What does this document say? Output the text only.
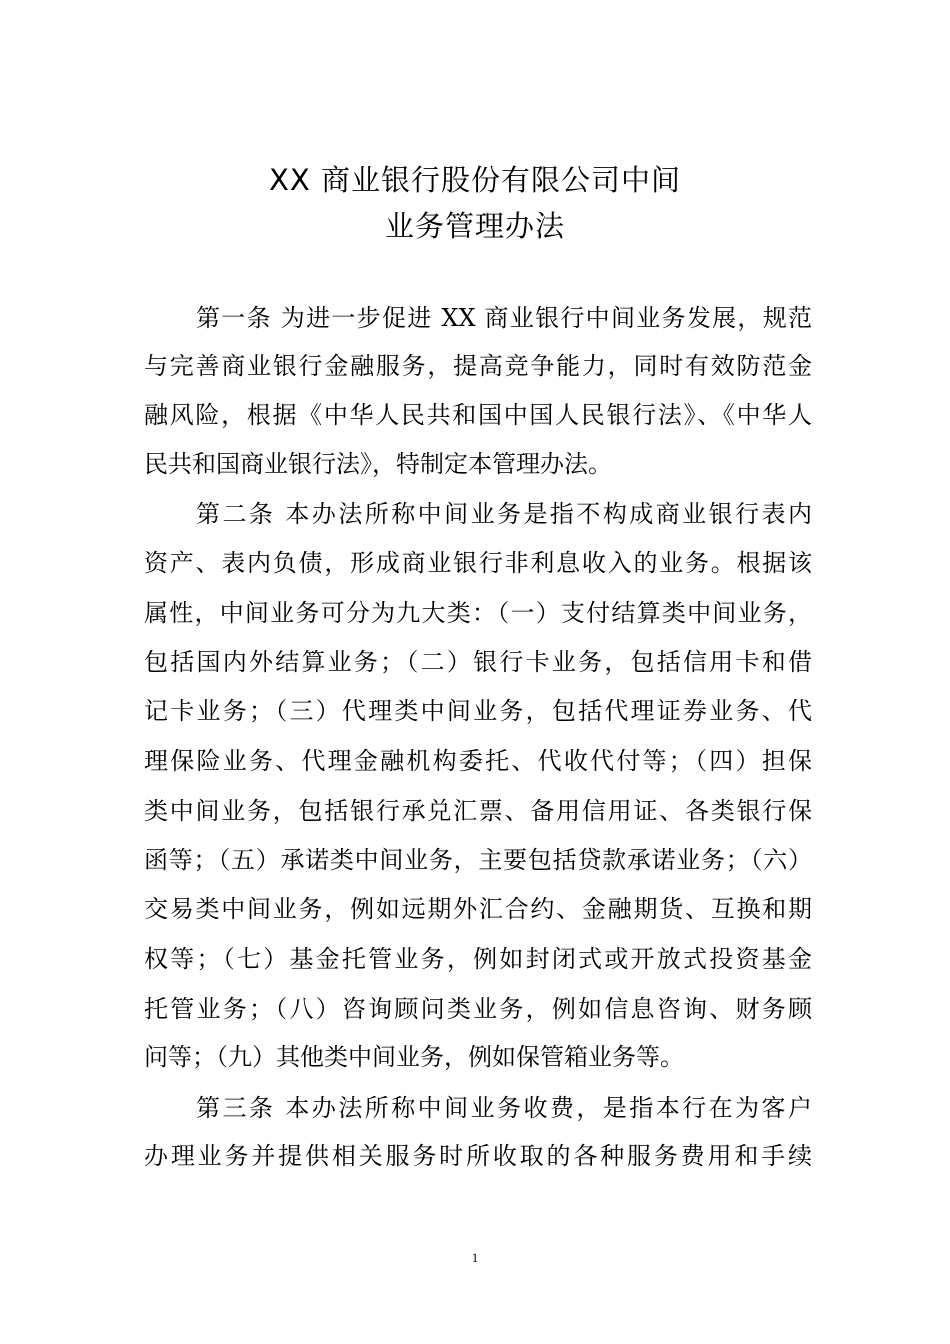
XX 商业银行股份有限公司中间
业务管理办法
第一条 为进一步促进 XX 商业银行中间业务发展，规范
与完善商业银行金融服务，提高竞争能力，同时有效防范金
融风险，根据《中华人民共和国中国人民银行法》、《中华人
民共和国商业银行法》，特制定本管理办法。
第二条 本办法所称中间业务是指不构成商业银行表内
资产、表内负债，形成商业银行非利息收入的业务。根据该
属性，中间业务可分为九大类：（一）支付结算类中间业务，
包括国内外结算业务；（二）银行卡业务，包括信用卡和借
记卡业务；（三）代理类中间业务，包括代理证券业务、代
理保险业务、代理金融机构委托、代收代付等；（四）担保
类中间业务，包括银行承兑汇票、备用信用证、各类银行保
函等；（五）承诺类中间业务，主要包括贷款承诺业务；（六）
交易类中间业务，例如远期外汇合约、金融期货、互换和期
权等；（七）基金托管业务，例如封闭式或开放式投资基金
托管业务；（八）咨询顾问类业务，例如信息咨询、财务顾
问等；（九）其他类中间业务，例如保管箱业务等。
第三条 本办法所称中间业务收费，是指本行在为客户
办理业务并提供相关服务时所收取的各种服务费用和手续
1
